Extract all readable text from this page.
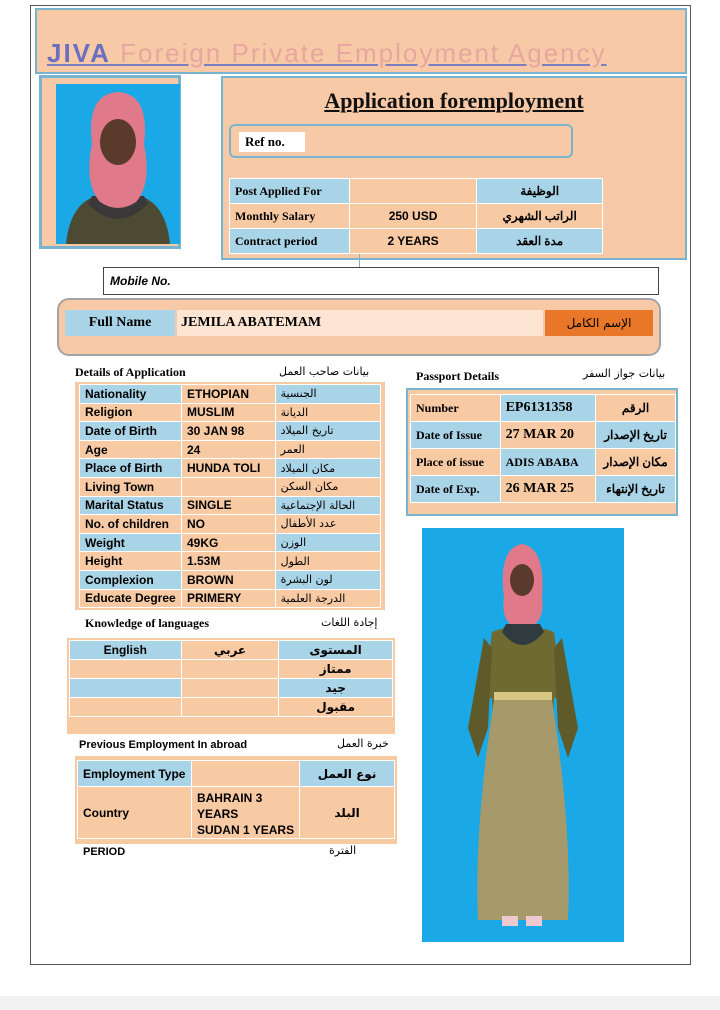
JIVA Foreign Private Employment Agency
Application foremployment
Ref no.
Post Applied For		الوظيفة
Monthly Salary	250 USD	الراتب الشهري
Contract period	2 YEARS	مدة العقد
Mobile No.
Full Name	JEMILA ABATEMAM	الإسم الكامل
Details of Application	بيانات صاحب العمل
Nationality	ETHOPIAN	الجنسية
Religion	MUSLIM	الديانة
Date of Birth	30 JAN 98	تاريخ الميلاد
Age	24	العمر
Place of Birth	HUNDA TOLI	مكان الميلاد
Living Town		مكان السكن
Marital Status	SINGLE	الحالة الإجتماعية
No. of children	NO	عدد الأطفال
Weight	49KG	الوزن
Height	1.53M	الطول
Complexion	BROWN	لون البشرة
Educate Degree	PRIMERY	الدرجة العلمية
Passport Details	بيانات جواز السفر
Number	EP6131358	الرقم
Date of Issue	27 MAR 20	تاريخ الإصدار
Place of issue	ADIS ABABA	مكان الإصدار
Date of Exp.	26 MAR 25	تاريخ الإنتهاء
Knowledge of languages	إجادة اللغات
English	عربي	المستوى
		ممتاز
		جيد
		مقبول
Previous Employment In abroad	خبرة العمل
Employment Type		نوع العمل
Country	BAHRAIN 3
YEARS
SUDAN 1 YEARS	البلد
PERIOD	الفترة
